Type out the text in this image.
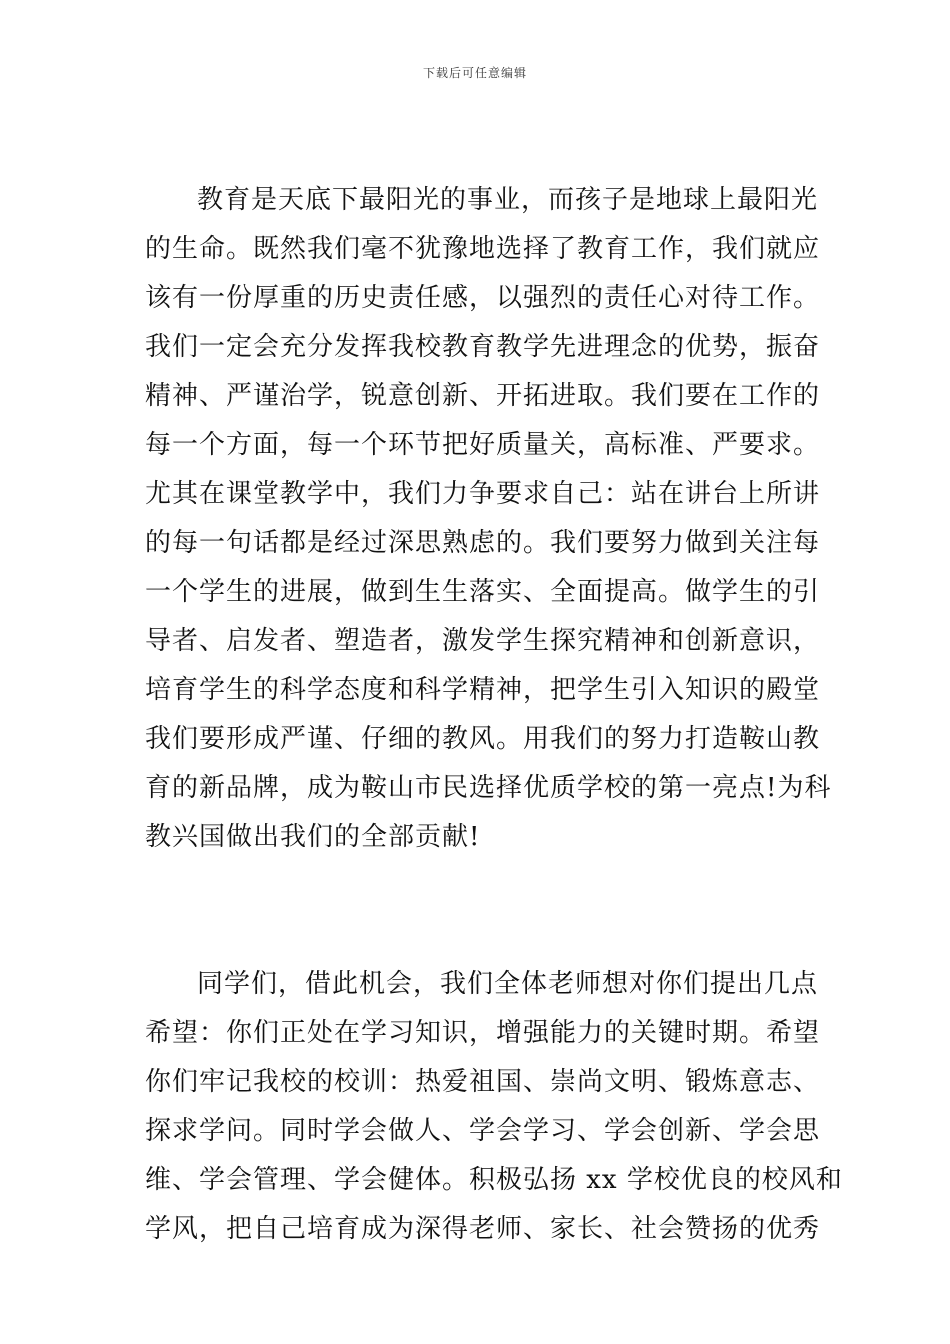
下载后可任意编辑
教育是天底下最阳光的事业，而孩子是地球上最阳光
的生命。既然我们毫不犹豫地选择了教育工作，我们就应
该有一份厚重的历史责任感，以强烈的责任心对待工作。
我们一定会充分发挥我校教育教学先进理念的优势，振奋
精神、严谨治学，锐意创新、开拓进取。我们要在工作的
每一个方面，每一个环节把好质量关，高标准、严要求。
尤其在课堂教学中，我们力争要求自己：站在讲台上所讲
的每一句话都是经过深思熟虑的。我们要努力做到关注每
一个学生的进展，做到生生落实、全面提高。做学生的引
导者、启发者、塑造者，激发学生探究精神和创新意识，
培育学生的科学态度和科学精神，把学生引入知识的殿堂
我们要形成严谨、仔细的教风。用我们的努力打造鞍山教
育的新品牌，成为鞍山市民选择优质学校的第一亮点!为科
教兴国做出我们的全部贡献!
同学们，借此机会，我们全体老师想对你们提出几点
希望：你们正处在学习知识，增强能力的关键时期。希望
你们牢记我校的校训：热爱祖国、崇尚文明、锻炼意志、
探求学问。同时学会做人、学会学习、学会创新、学会思
维、学会管理、学会健体。积极弘扬 xx 学校优良的校风和
学风，把自己培育成为深得老师、家长、社会赞扬的优秀
